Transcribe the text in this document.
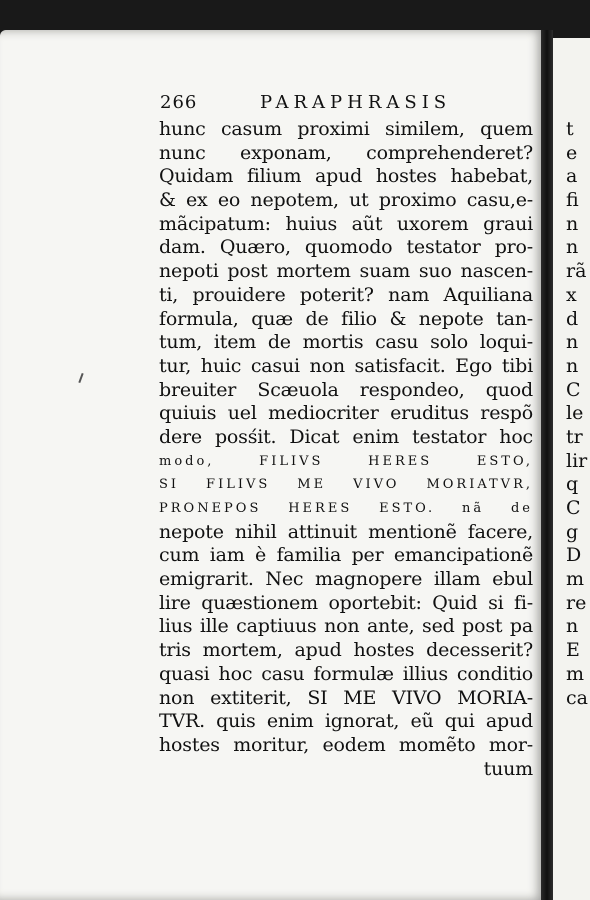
266	PARAPHRASIS
hunc casum proximi similem, quem
nunc exponam, comprehenderet?
Quidam filium apud hostes habebat,
& ex eo nepotem, ut proximo casu,e-
mãcipatum: huius aũt uxorem graui
dam. Quæro, quomodo testator pro-
nepoti post mortem suam suo nascen-
ti, prouidere poterit? nam Aquiliana
formula, quæ de filio & nepote tan-
tum, item de mortis casu solo loqui-
tur, huic casui non satisfacit. Ego tibi
breuiter Scæuola respondeo, quod
quiuis uel mediocriter eruditus respõ
dere posśit. Dicat enim testator hoc
modo, FILIVS HERES ESTO,
SI FILIVS ME VIVO MORIATVR,
PRONEPOS HERES ESTO. nã de
nepote nihil attinuit mentionẽ facere,
cum iam è familia per emancipationẽ
emigrarit. Nec magnopere illam ebul
lire quæstionem oportebit: Quid si fi-
lius ille captiuus non ante, sed post pa
tris mortem, apud hostes decesserit?
quasi hoc casu formulæ illius conditio
non extiterit, SI ME VIVO MORIA-
TVR. quis enim ignorat, eũ qui apud
hostes moritur, eodem momẽto mor-
tuum
t
e
a
fi
n
n
rã
x
d
n
n
C
le
tr
lir
q
C
g
D
m
re
n
E
m
ca
